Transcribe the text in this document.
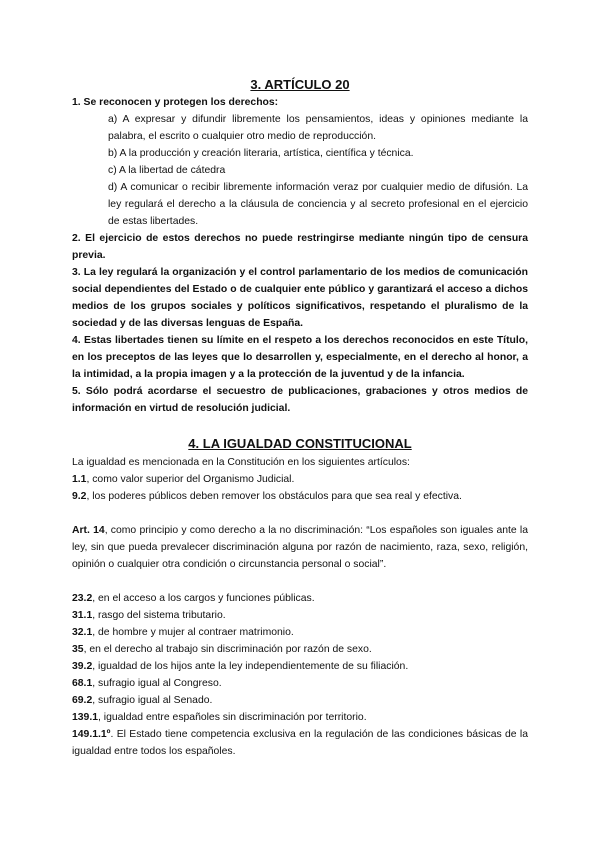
3. ARTÍCULO 20

1. Se reconocen y protegen los derechos:

a) A expresar y difundir libremente los pensamientos, ideas y opiniones mediante la palabra, el escrito o cualquier otro medio de reproducción.

b) A la producción y creación literaria, artística, científica y técnica.

c) A la libertad de cátedra

d) A comunicar o recibir libremente información veraz por cualquier medio de difusión. La ley regulará el derecho a la cláusula de conciencia y al secreto profesional en el ejercicio de estas libertades.

2. El ejercicio de estos derechos no puede restringirse mediante ningún tipo de censura previa.

3. La ley regulará la organización y el control parlamentario de los medios de comunicación social dependientes del Estado o de cualquier ente público y garantizará el acceso a dichos medios de los grupos sociales y políticos significativos, respetando el pluralismo de la sociedad y de las diversas lenguas de España.

4. Estas libertades tienen su límite en el respeto a los derechos reconocidos en este Título, en los preceptos de las leyes que lo desarrollen y, especialmente, en el derecho al honor, a la intimidad, a la propia imagen y a la protección de la juventud y de la infancia.

5. Sólo podrá acordarse el secuestro de publicaciones, grabaciones y otros medios de información en virtud de resolución judicial.

4. LA IGUALDAD CONSTITUCIONAL

La igualdad es mencionada en la Constitución en los siguientes artículos:

1.1, como valor superior del Organismo Judicial.

9.2, los poderes públicos deben remover los obstáculos para que sea real y efectiva.

Art. 14, como principio y como derecho a la no discriminación: “Los españoles son iguales ante la ley, sin que pueda prevalecer discriminación alguna por razón de nacimiento, raza, sexo, religión, opinión o cualquier otra condición o circunstancia personal o social”.

23.2, en el acceso a los cargos y funciones públicas.

31.1, rasgo del sistema tributario.

32.1, de hombre y mujer al contraer matrimonio.

35, en el derecho al trabajo sin discriminación por razón de sexo.

39.2, igualdad de los hijos ante la ley independientemente de su filiación.

68.1, sufragio igual al Congreso.

69.2, sufragio igual al Senado.

139.1, igualdad entre españoles sin discriminación por territorio.

149.1.1º. El Estado tiene competencia exclusiva en la regulación de las condiciones básicas de la igualdad entre todos los españoles.
